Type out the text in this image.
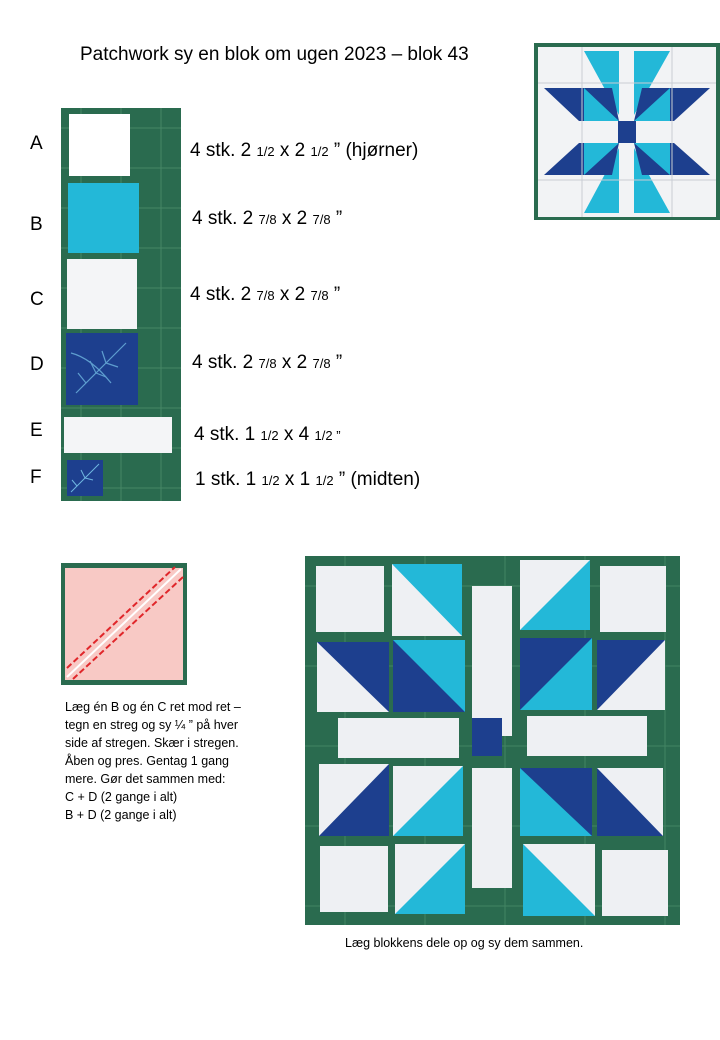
Patchwork sy en blok om ugen 2023 – blok 43
A
B
C
D
E
F
4 stk. 2 1/2 x 2 1/2 ” (hjørner)
4 stk. 2 7/8 x 2 7/8 ”
4 stk. 2 7/8 x 2 7/8 ”
4 stk. 2 7/8 x 2 7/8 ”
4 stk. 1 1/2 x 4 1/2 ”
1 stk. 1 1/2 x 1 1/2 ” (midten)
Læg én B og én C ret mod ret –
tegn en streg og sy ¼ ” på hver
side af stregen. Skær i stregen.
Åben og pres. Gentag 1 gang
mere. Gør det sammen med:
C + D (2 gange i alt)
B + D (2 gange i alt)
Læg blokkens dele op og sy dem sammen.
